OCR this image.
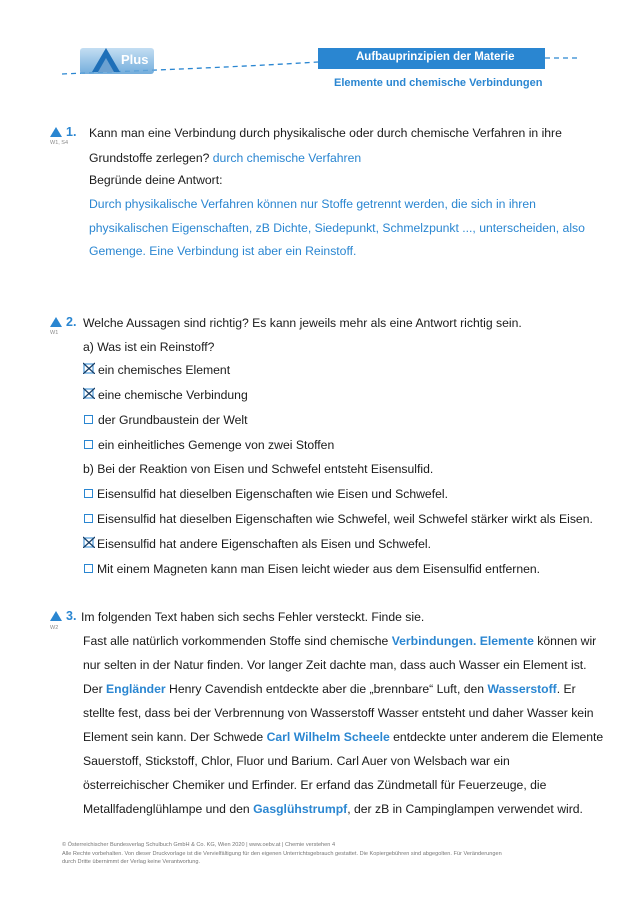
Plus	Aufbauprinzipien der Materie
Elemente und chemische Verbindungen
W1, S4
1. Kann man eine Verbindung durch physikalische oder durch chemische Verfahren in ihre
Grundstoffe zerlegen? durch chemische Verfahren
Begründe deine Antwort:
Durch physikalische Verfahren können nur Stoffe getrennt werden, die sich in ihren
physikalischen Eigenschaften, zB Dichte, Siedepunkt, Schmelzpunkt ..., unterscheiden, also
Gemenge. Eine Verbindung ist aber ein Reinstoff.
W1
2. Welche Aussagen sind richtig? Es kann jeweils mehr als eine Antwort richtig sein.
a) Was ist ein Reinstoff?
ein chemisches Element
eine chemische Verbindung
der Grundbaustein der Welt
ein einheitliches Gemenge von zwei Stoffen
b) Bei der Reaktion von Eisen und Schwefel entsteht Eisensulfid.
Eisensulfid hat dieselben Eigenschaften wie Eisen und Schwefel.
Eisensulfid hat dieselben Eigenschaften wie Schwefel, weil Schwefel stärker wirkt als Eisen.
Eisensulfid hat andere Eigenschaften als Eisen und Schwefel.
Mit einem Magneten kann man Eisen leicht wieder aus dem Eisensulfid entfernen.
W2
3. Im folgenden Text haben sich sechs Fehler versteckt. Finde sie.
Fast alle natürlich vorkommenden Stoffe sind chemische Verbindungen. Elemente können wir
nur selten in der Natur finden. Vor langer Zeit dachte man, dass auch Wasser ein Element ist.
Der Engländer Henry Cavendish entdeckte aber die „brennbare“ Luft, den Wasserstoff. Er
stellte fest, dass bei der Verbrennung von Wasserstoff Wasser entsteht und daher Wasser kein
Element sein kann. Der Schwede Carl Wilhelm Scheele entdeckte unter anderem die Elemente
Sauerstoff, Stickstoff, Chlor, Fluor und Barium. Carl Auer von Welsbach war ein
österreichischer Chemiker und Erfinder. Er erfand das Zündmetall für Feuerzeuge, die
Metallfadenglühlampe und den Gasglühstrumpf, der zB in Campinglampen verwendet wird.
© Österreichischer Bundesverlag Schulbuch GmbH & Co. KG, Wien 2020 | www.oebv.at | Chemie verstehen 4
Alle Rechte vorbehalten. Von dieser Druckvorlage ist die Vervielfältigung für den eigenen Unterrichtsgebrauch gestattet. Die Kopiergebühren sind abgegolten. Für Veränderungen
durch Dritte übernimmt der Verlag keine Verantwortung.
